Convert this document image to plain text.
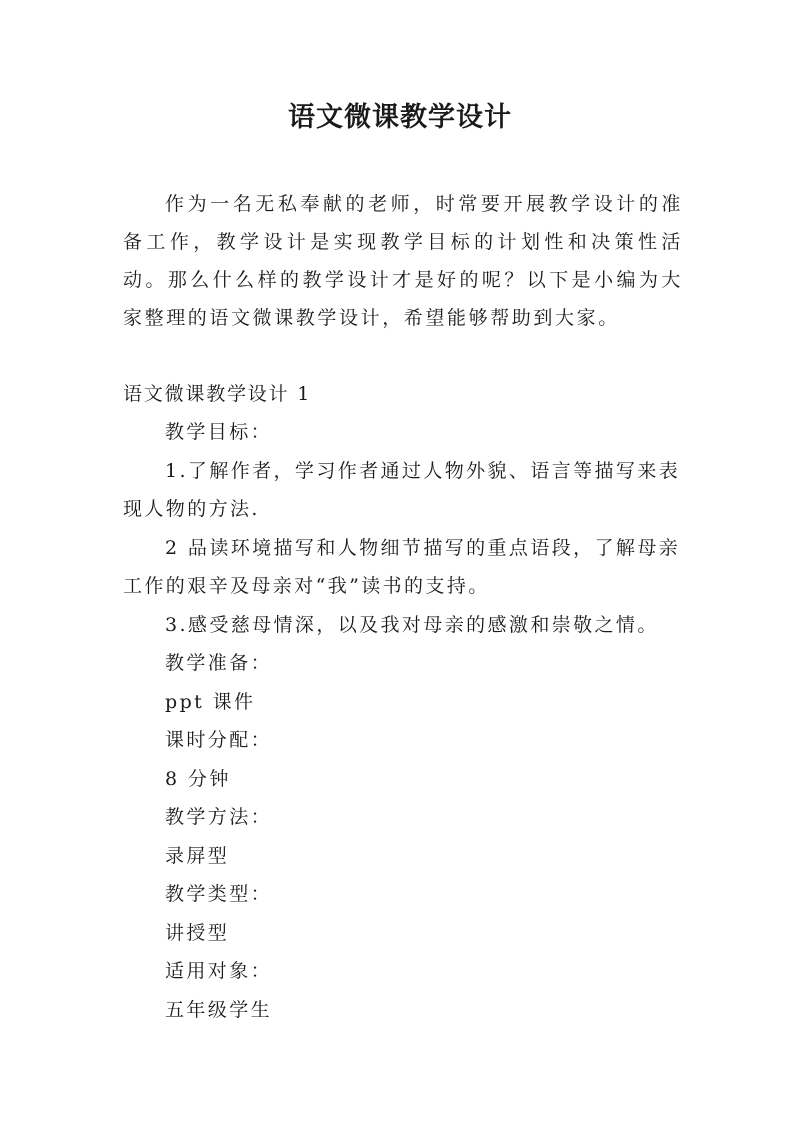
语文微课教学设计

作为一名无私奉献的老师，时常要开展教学设计的准备工作，教学设计是实现教学目标的计划性和决策性活动。那么什么样的教学设计才是好的呢？以下是小编为大家整理的语文微课教学设计，希望能够帮助到大家。

语文微课教学设计 1

教学目标：

1.了解作者，学习作者通过人物外貌、语言等描写来表现人物的方法.

2 品读环境描写和人物细节描写的重点语段，了解母亲工作的艰辛及母亲对“我”读书的支持。

3.感受慈母情深，以及我对母亲的感激和崇敬之情。

教学准备：

ppt 课件

课时分配：

8 分钟

教学方法：

录屏型

教学类型：

讲授型

适用对象：

五年级学生
